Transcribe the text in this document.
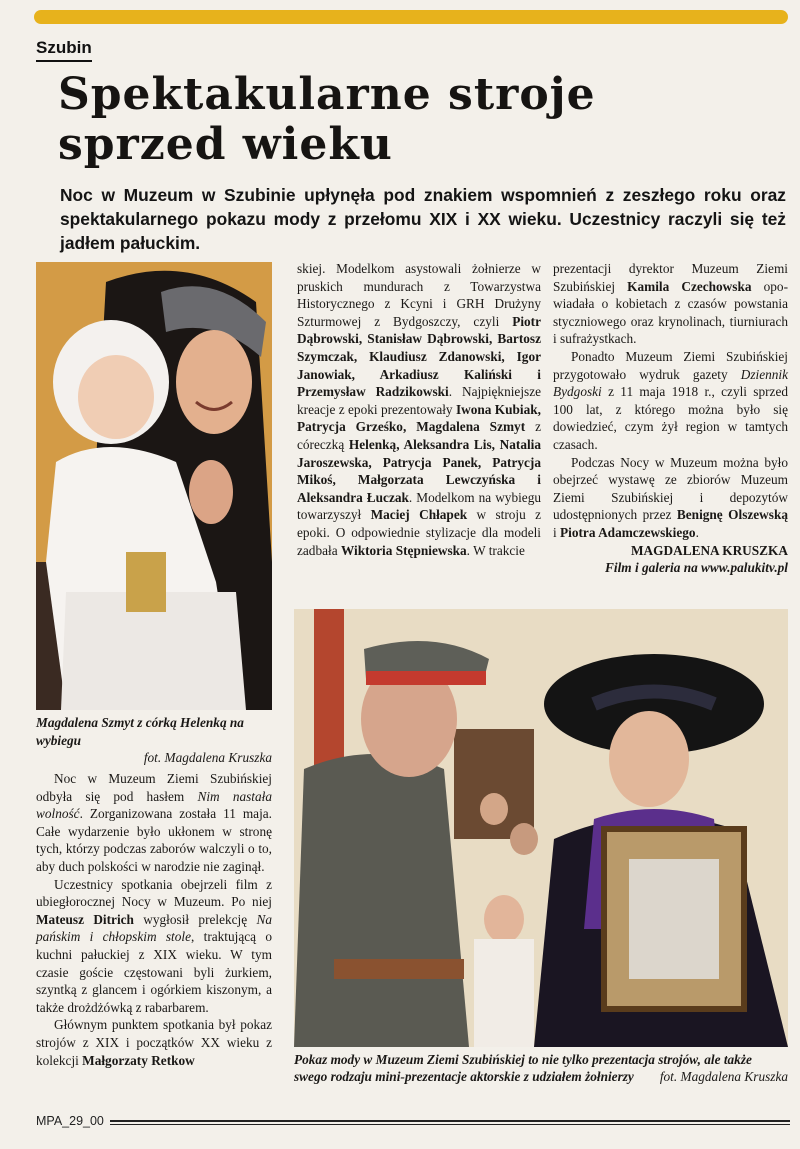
Szubin
Spektakularne stroje
sprzed wieku
Noc w Muzeum w Szubinie upłynęła pod znakiem wspomnień z zeszłego roku oraz spektakularnego pokazu mody z przełomu XIX i XX wieku. Uczestnicy raczyli się też jadłem pałuckim.
Magdalena Szmyt z córką Helenką na wybiegu
fot. Magdalena Kruszka

skiej. Modelkom asystowali żołnierze w pruskich mundurach z Towarzystwa Historycznego z Kcyni i GRH Drużyny Szturmowej z Bydgoszczy, czyli Piotr Dąbrowski, Stanisław Dąbrowski, Bartosz Szymczak, Klaudiusz Zdanowski, Igor Janowiak, Arkadiusz Kaliński i Przemysław Radzikowski. Najpiękniejsze kreacje z epoki prezentowały Iwona Kubiak, Patrycja Grześko, Magdalena Szmyt z córeczką Helenką, Aleksandra Lis, Natalia Jaroszewska, Patrycja Panek, Patrycja Mikoś, Małgorzata Lewczyńska i Aleksandra Łuczak. Modelkom na wybiegu towarzyszył Maciej Chłapek w stroju z epoki. O odpowiednie stylizacje dla modeli zadbała Wiktoria Stępniewska. W trakcie

prezentacji dyrektor Muzeum Ziemi Szubińskiej Kamila Czechowska opowiadała o kobietach z czasów powstania styczniowego oraz krynolinach, tiurniurach i sufrażystkach.

Ponadto Muzeum Ziemi Szubińskiej przygotowało wydruk gazety Dziennik Bydgoski z 11 maja 1918 r., czyli sprzed 100 lat, z którego można było się dowiedzieć, czym żył region w tamtych czasach.

Podczas Nocy w Muzeum można było obejrzeć wystawę ze zbiorów Muzeum Ziemi Szubińskiej i depozytów udostępnionych przez Benignę Olszewską i Piotra Adamczewskiego.

MAGDALENA KRUSZKA

Film i galeria na www.palukitv.pl

Pokaz mody w Muzeum Ziemi Szubińskiej to nie tylko prezentacja strojów, ale także swego rodzaju mini-prezentacje aktorskie z udziałem żołnierzy fot. Magdalena Kruszka

Noc w Muzeum Ziemi Szubińskiej odbyła się pod hasłem Nim nastała wolność. Zorganizowana została 11 maja. Całe wydarzenie było ukłonem w stronę tych, którzy podczas zaborów walczyli o to, aby duch polskości w narodzie nie zaginął.

Uczestnicy spotkania obejrzeli film z ubiegłorocznej Nocy w Muzeum. Po niej Mateusz Ditrich wygłosił prelekcję Na pańskim i chłopskim stole, traktującą o kuchni pałuckiej z XIX wieku. W tym czasie goście częstowani byli żurkiem, szyntką z glancem i ogórkiem kiszonym, a także drożdżówką z rabarbarem.

Głównym punktem spotkania był pokaz strojów z XIX i początków XX wieku z kolekcji Małgorzaty Retkow

MPA_29_00
